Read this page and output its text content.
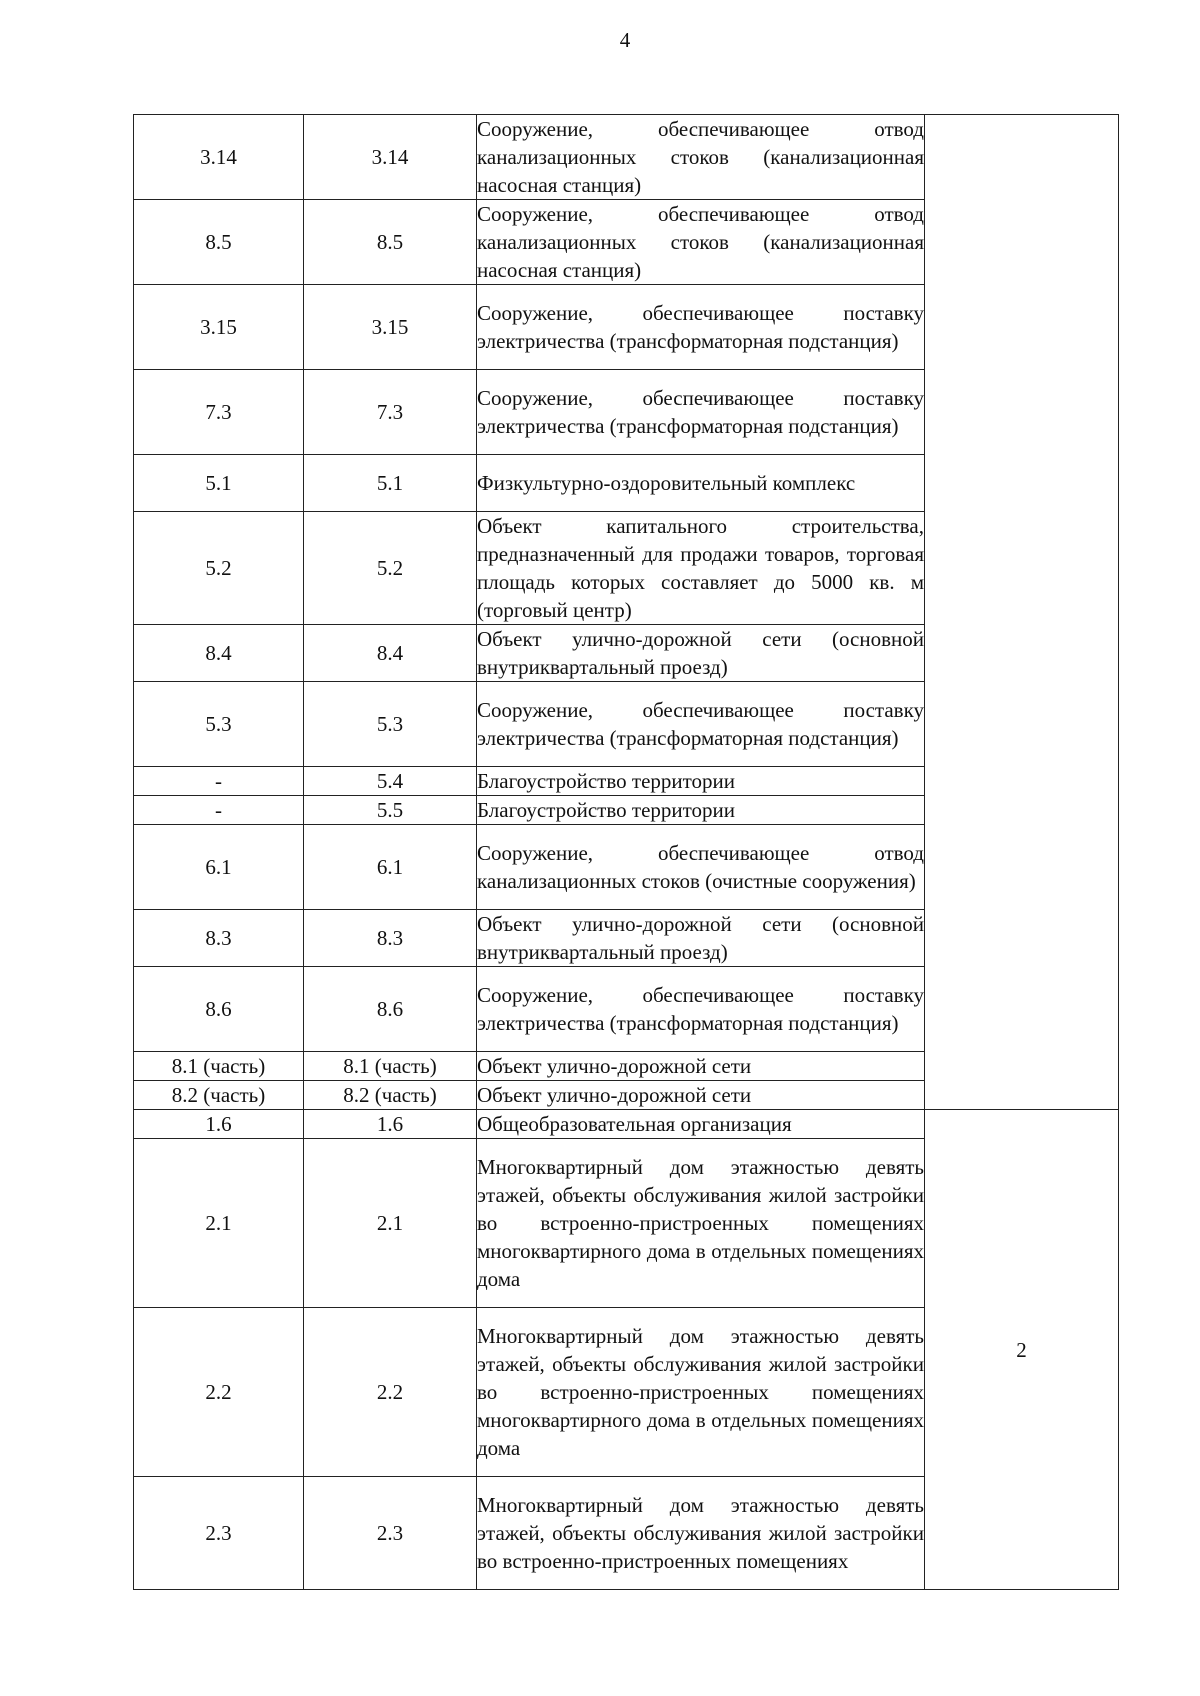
4
3.14	3.14	Сооружение, обеспечивающее отвод канализационных стоков (канализационная насосная станция)	
8.5	8.5	Сооружение, обеспечивающее отвод канализационных стоков (канализационная насосная станция)	
3.15	3.15	Сооружение, обеспечивающее поставку электричества (трансформаторная подстанция)	
7.3	7.3	Сооружение, обеспечивающее поставку электричества (трансформаторная подстанция)	
5.1	5.1	Физкультурно-оздоровительный комплекс	
5.2	5.2	Объект капитального строительства, предназначенный для продажи товаров, торговая площадь которых составляет до 5000 кв. м (торговый центр)	
8.4	8.4	Объект улично-дорожной сети (основной внутриквартальный проезд)	
5.3	5.3	Сооружение, обеспечивающее поставку электричества (трансформаторная подстанция)	
-	5.4	Благоустройство территории	
-	5.5	Благоустройство территории	
6.1	6.1	Сооружение, обеспечивающее отвод канализационных стоков (очистные сооружения)	
8.3	8.3	Объект улично-дорожной сети (основной внутриквартальный проезд)	
8.6	8.6	Сооружение, обеспечивающее поставку электричества (трансформаторная подстанция)	
8.1 (часть)	8.1 (часть)	Объект улично-дорожной сети	
8.2 (часть)	8.2 (часть)	Объект улично-дорожной сети	
1.6	1.6	Общеобразовательная организация	2
2.1	2.1	Многоквартирный дом этажностью девять этажей, объекты обслуживания жилой застройки во встроенно-пристроенных помещениях многоквартирного дома в отдельных помещениях дома	
2.2	2.2	Многоквартирный дом этажностью девять этажей, объекты обслуживания жилой застройки во встроенно-пристроенных помещениях многоквартирного дома в отдельных помещениях дома	
2.3	2.3	Многоквартирный дом этажностью девять этажей, объекты обслуживания жилой застройки во встроенно-пристроенных помещениях	
